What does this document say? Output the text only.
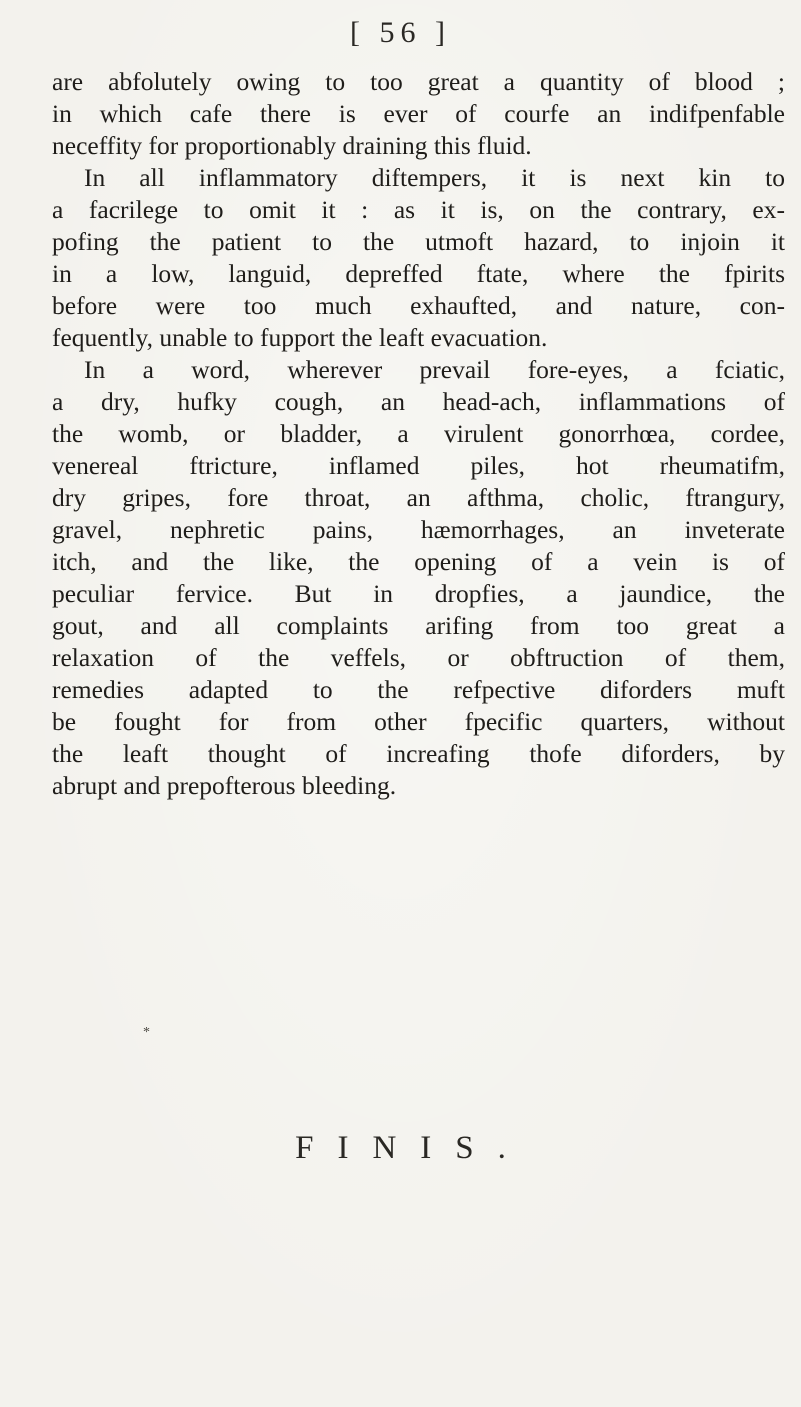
[ 56 ]
are abfolutely owing to too great a quantity of blood ;
in which cafe there is ever of courfe an indifpenfable
neceffity for proportionably draining this fluid.
In all inflammatory diftempers, it is next kin to
a facrilege to omit it : as it is, on the contrary, ex-
pofing the patient to the utmoft hazard, to injoin it
in a low, languid, depreffed ftate, where the fpirits
before were too much exhaufted, and nature, con-
fequently, unable to fupport the leaft evacuation.
In a word, wherever prevail fore-eyes, a fciatic,
a dry, hufky cough, an head-ach, inflammations of
the womb, or bladder, a virulent gonorrhœa, cordee,
venereal ftricture, inflamed piles, hot rheumatifm,
dry gripes, fore throat, an afthma, cholic, ftrangury,
gravel, nephretic pains, hæmorrhages, an inveterate
itch, and the like, the opening of a vein is of
peculiar fervice. But in dropfies, a jaundice, the
gout, and all complaints arifing from too great a
relaxation of the veffels, or obftruction of them,
remedies adapted to the refpective diforders muft
be fought for from other fpecific quarters, without
the leaft thought of increafing thofe diforders, by
abrupt and prepofterous bleeding.
*
FINIS.
